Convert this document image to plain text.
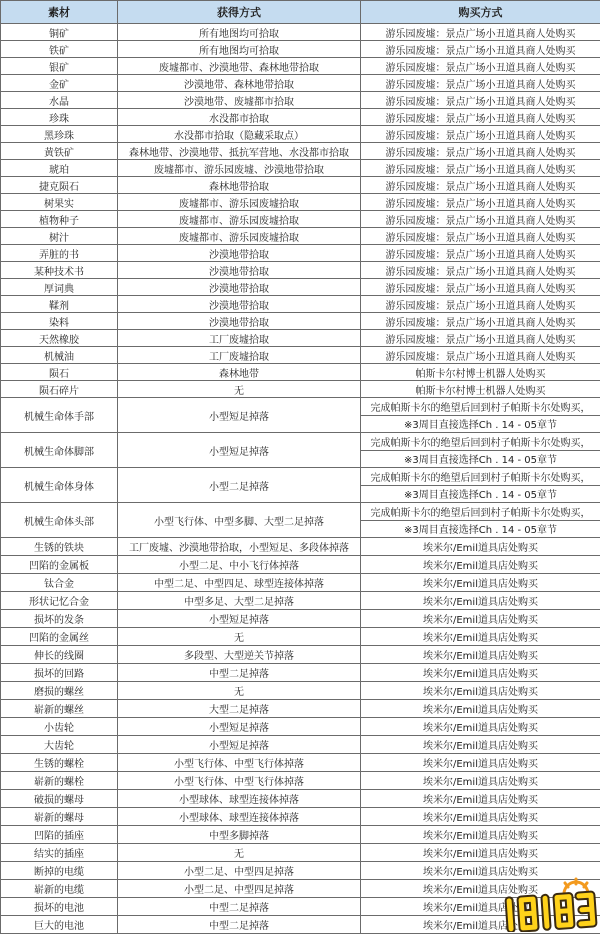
素材	获得方式	购买方式
铜矿	所有地图均可拾取	游乐园废墟：景点广场小丑道具商人处购买
铁矿	所有地图均可拾取	游乐园废墟：景点广场小丑道具商人处购买
银矿	废墟都市、沙漠地带、森林地带拾取	游乐园废墟：景点广场小丑道具商人处购买
金矿	沙漠地带、森林地带拾取	游乐园废墟：景点广场小丑道具商人处购买
水晶	沙漠地带、废墟都市拾取	游乐园废墟：景点广场小丑道具商人处购买
珍珠	水没都市拾取	游乐园废墟：景点广场小丑道具商人处购买
黑珍珠	水没都市拾取（隐藏采取点）	游乐园废墟：景点广场小丑道具商人处购买
黄铁矿	森林地带、沙漠地带、抵抗军营地、水没都市拾取	游乐园废墟：景点广场小丑道具商人处购买
琥珀	废墟都市、游乐园废墟、沙漠地带拾取	游乐园废墟：景点广场小丑道具商人处购买
捷克陨石	森林地带拾取	游乐园废墟：景点广场小丑道具商人处购买
树果实	废墟都市、游乐园废墟拾取	游乐园废墟：景点广场小丑道具商人处购买
植物种子	废墟都市、游乐园废墟拾取	游乐园废墟：景点广场小丑道具商人处购买
树汁	废墟都市、游乐园废墟拾取	游乐园废墟：景点广场小丑道具商人处购买
弄脏的书	沙漠地带拾取	游乐园废墟：景点广场小丑道具商人处购买
某种技术书	沙漠地带拾取	游乐园废墟：景点广场小丑道具商人处购买
厚词典	沙漠地带拾取	游乐园废墟：景点广场小丑道具商人处购买
鞣剂	沙漠地带拾取	游乐园废墟：景点广场小丑道具商人处购买
染料	沙漠地带拾取	游乐园废墟：景点广场小丑道具商人处购买
天然橡胶	工厂废墟拾取	游乐园废墟：景点广场小丑道具商人处购买
机械油	工厂废墟拾取	游乐园废墟：景点广场小丑道具商人处购买
陨石	森林地带	帕斯卡尔村博士机器人处购买
陨石碎片	无	帕斯卡尔村博士机器人处购买
机械生命体手部	小型短足掉落	完成帕斯卡尔的绝望后回到村子帕斯卡尔处购买，
		※3周目直接选择Ch . 14 - 05章节
机械生命体脚部	小型短足掉落	完成帕斯卡尔的绝望后回到村子帕斯卡尔处购买，
		※3周目直接选择Ch . 14 - 05章节
机械生命体身体	小型二足掉落	完成帕斯卡尔的绝望后回到村子帕斯卡尔处购买，
		※3周目直接选择Ch . 14 - 05章节
机械生命体头部	小型飞行体、中型多脚、大型二足掉落	完成帕斯卡尔的绝望后回到村子帕斯卡尔处购买，
		※3周目直接选择Ch . 14 - 05章节
生锈的铁块	工厂废墟、沙漠地带拾取，小型短足、多段体掉落	埃米尔/Emil道具店处购买
凹陷的金属板	小型二足、中小飞行体掉落	埃米尔/Emil道具店处购买
钛合金	中型二足、中型四足、球型连接体掉落	埃米尔/Emil道具店处购买
形状记忆合金	中型多足、大型二足掉落	埃米尔/Emil道具店处购买
损坏的发条	小型短足掉落	埃米尔/Emil道具店处购买
凹陷的金属丝	无	埃米尔/Emil道具店处购买
伸长的线圈	多段型、大型逆关节掉落	埃米尔/Emil道具店处购买
损坏的回路	中型二足掉落	埃米尔/Emil道具店处购买
磨损的螺丝	无	埃米尔/Emil道具店处购买
崭新的螺丝	大型二足掉落	埃米尔/Emil道具店处购买
小齿轮	小型短足掉落	埃米尔/Emil道具店处购买
大齿轮	小型短足掉落	埃米尔/Emil道具店处购买
生锈的螺栓	小型飞行体、中型飞行体掉落	埃米尔/Emil道具店处购买
崭新的螺栓	小型飞行体、中型飞行体掉落	埃米尔/Emil道具店处购买
破损的螺母	小型球体、球型连接体掉落	埃米尔/Emil道具店处购买
崭新的螺母	小型球体、球型连接体掉落	埃米尔/Emil道具店处购买
凹陷的插座	中型多脚掉落	埃米尔/Emil道具店处购买
结实的插座	无	埃米尔/Emil道具店处购买
断掉的电缆	小型二足、中型四足掉落	埃米尔/Emil道具店处购买
崭新的电缆	小型二足、中型四足掉落	埃米尔/Emil道具店处购买
损坏的电池	中型二足掉落	埃米尔/Emil道具店处购买
巨大的电池	中型二足掉落	埃米尔/Emil道具店处购买
